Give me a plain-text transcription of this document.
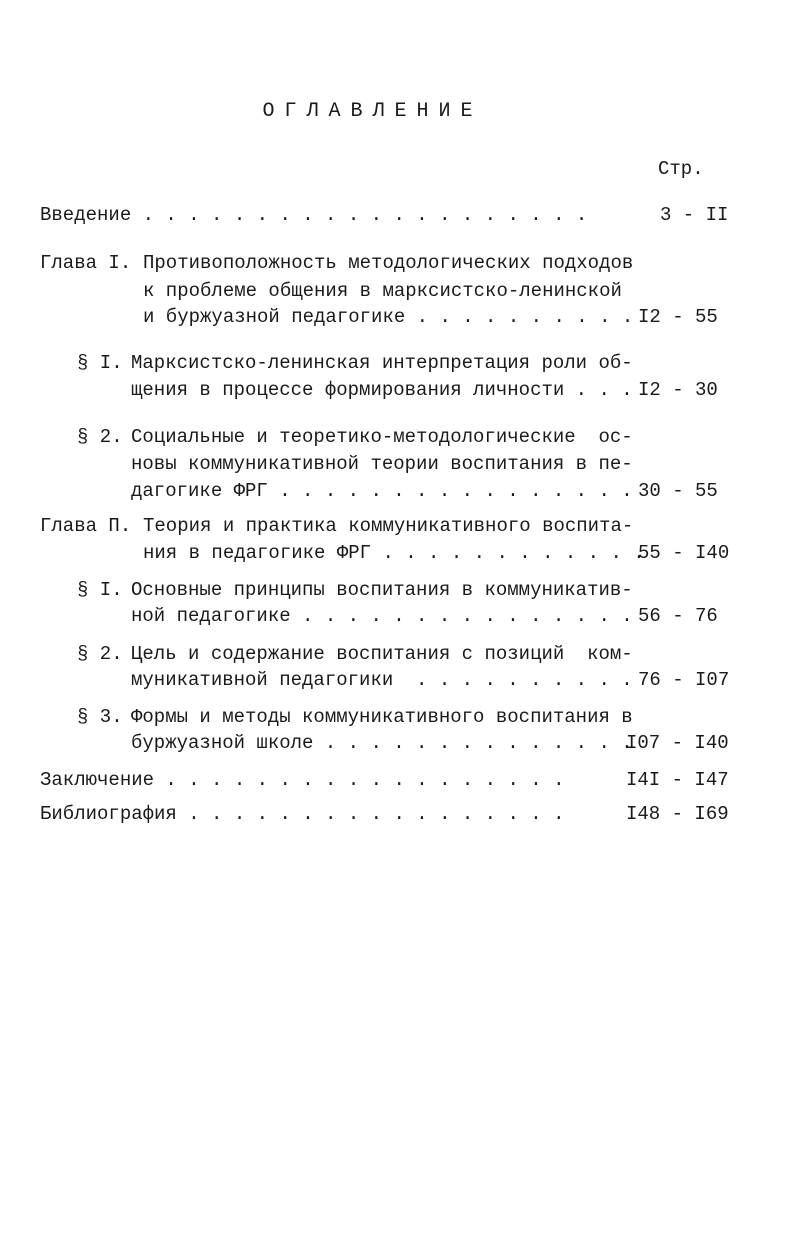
ОГЛАВЛЕНИЕ
Стр.
Введение . . . . . . . . . . . . . . . . . . . .	3 - II
Глава I. Противоположность методологических подходов
к проблеме общения в марксистско-ленинской
и буржуазной педагогике . . . . . . . . . . I2 - 55
§ I. Марксистско-ленинская интерпретация роли об-
щения в процессе формирования личности . . . I2 - 30
§ 2. Социальные и теоретико-методологические  ос-
новы коммуникативной теории воспитания в пе-
дагогике ФРГ . . . . . . . . . . . . . . . . 30 - 55
Глава П. Теория и практика коммуникативного воспита-
ния в педагогике ФРГ . . . . . . . . . . . .
55 - I40
§ I. Основные принципы воспитания в коммуникатив-
ной педагогике . . . . . . . . . . . . . . . 56 - 76
§ 2. Цель и содержание воспитания с позиций  ком-
муникативной педагогики  . . . . . . . . . . 76 - I07
§ 3. Формы и методы коммуникативного воспитания в
буржуазной школе . . . . . . . . . . . . . .
I07 - I40
Заключение . . . . . . . . . . . . . . . . . .	I4I - I47
Библиография . . . . . . . . . . . . . . . . .	I48 - I69
